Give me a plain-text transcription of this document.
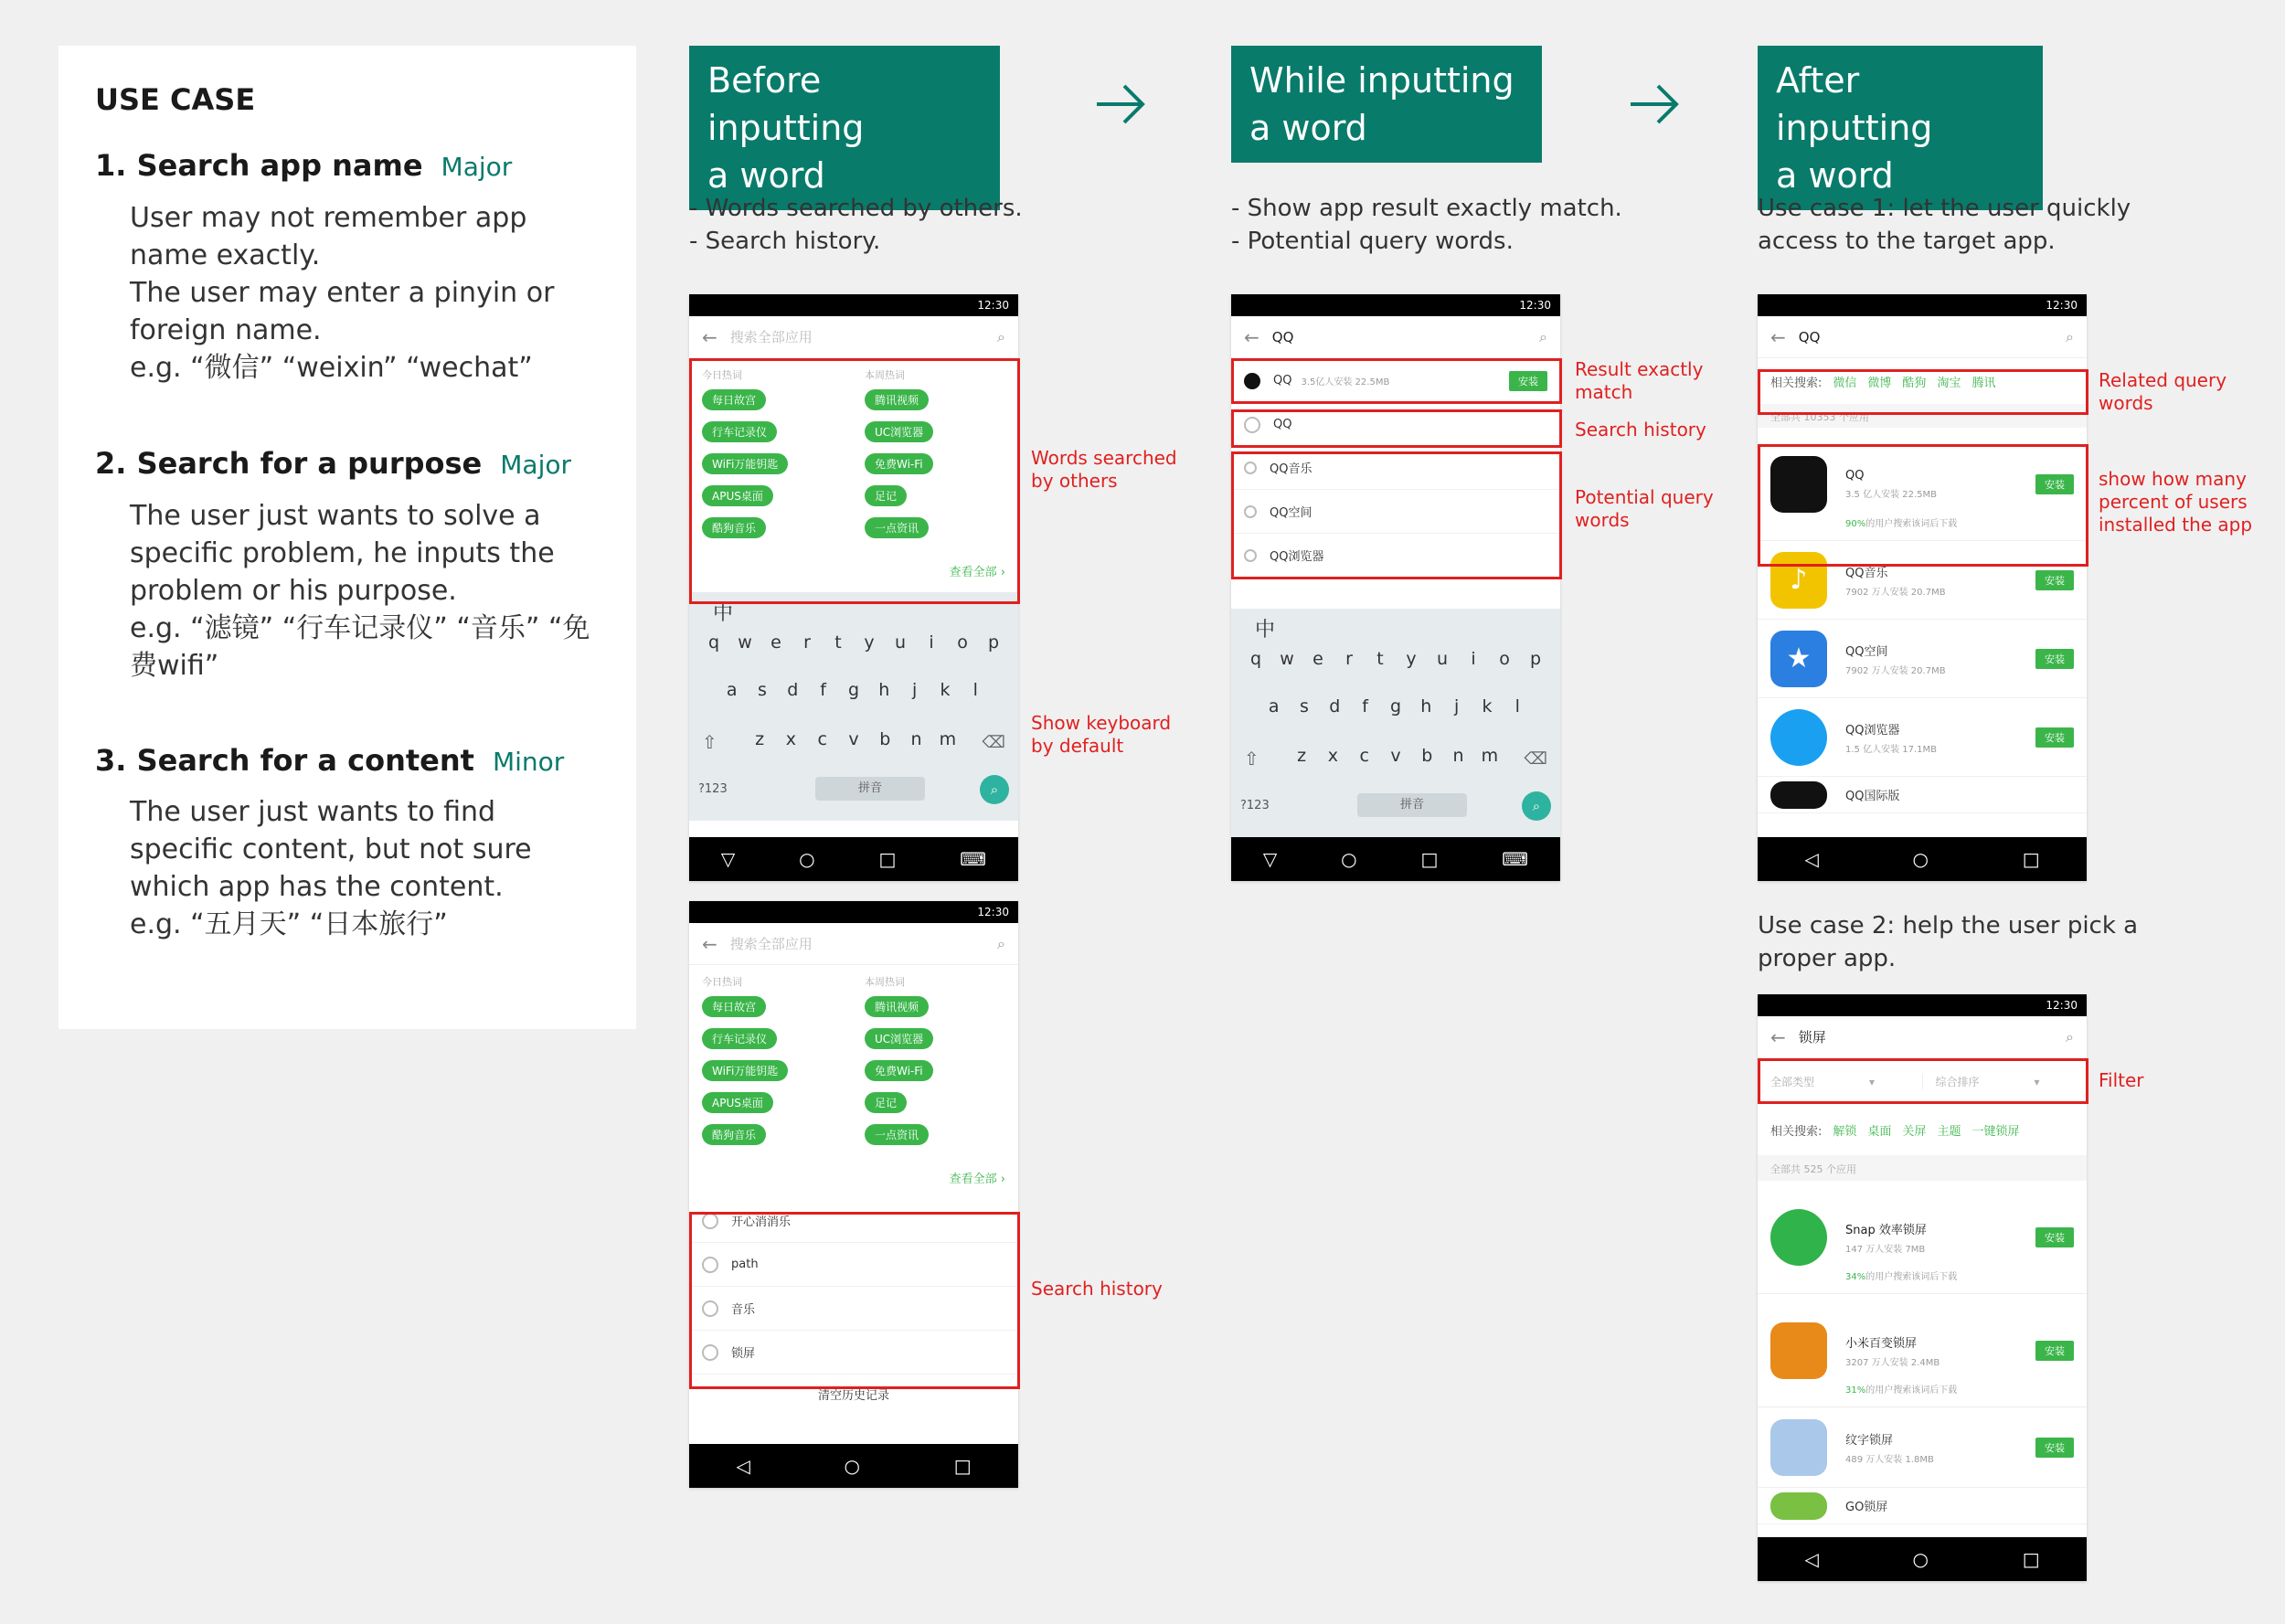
USE CASE
1. Search app name Major
User may not remember app name exactly.
The user may enter a pinyin or foreign name.
e.g. “微信” “weixin” “wechat”
2. Search for a purpose Major
The user just wants to solve a specific problem, he inputs the problem or his purpose.
e.g. “滤镜” “行车记录仪” “音乐” “免费wifi”
3. Search for a content Minor
The user just wants to find specific content, but not sure which app has the content.
e.g. “五月天” “日本旅行”
Before inputting
a word
While inputting
a word
After inputting
a word
- Words searched by others.
- Search history.
- Show app result exactly match.
- Potential query words.
Use case 1: let the user quickly
access to the target app.
Use case 2: help the user pick a
proper app.
12:30
← 搜索全部应用	⌕
今日热词
每日故宫
行车记录仪
WiFi万能钥匙
APUS桌面
酷狗音乐
本周热词
腾讯视频
UC浏览器
免费Wi-Fi
足记
一点资讯
查看全部 ›
中
q	w	e	r	t	y	u	i	o	p
a	s	d	f	g	h	j	k	l
z	x	c	v	b	n	m
⇧	⌫
?123	拼音	⌕
▽	○	□	⌨
Words searched
by others
Show keyboard
by default
12:30
← 搜索全部应用	⌕
今日热词
每日故宫
行车记录仪
WiFi万能钥匙
APUS桌面
酷狗音乐
本周热词
腾讯视频
UC浏览器
免费Wi-Fi
足记
一点资讯
查看全部 ›
开心消消乐
path
音乐
锁屏
清空历史记录
◁	○	□
Search history
12:30
← QQ	⌕
QQ 3.5亿人安装 22.5MB	安装
QQ
QQ音乐
QQ空间
QQ浏览器
中
q	w	e	r	t	y	u	i	o	p
a	s	d	f	g	h	j	k	l
z	x	c	v	b	n	m
⇧	⌫
?123	拼音	⌕
▽	○	□	⌨
Result exactly
match
Search history
Potential query
words
12:30
← QQ	⌕
相关搜索: 微信 微博 酷狗 淘宝 腾讯
全部共 10353 个应用
QQ
3.5 亿人安装 22.5MB
安装
90%的用户搜索该词后下载
♪	QQ音乐
7902 万人安装 20.7MB
安装
★	QQ空间
7902 万人安装 20.7MB
安装
QQ浏览器
1.5 亿人安装 17.1MB
安装
QQ国际版
◁	○	□
Related query
words
show how many
percent of users
installed the app
12:30
← 锁屏	⌕
全部类型	▾	综合排序	▾
相关搜索: 解锁 桌面 关屏 主题 一键锁屏
全部共 525 个应用
Snap 效率锁屏
147 万人安装 7MB
安装
34%的用户搜索该词后下载
小米百变锁屏
3207 万人安装 2.4MB
安装
31%的用户搜索该词后下载
纹字锁屏
489 万人安装 1.8MB
安装
GO锁屏
◁	○	□
Filter
